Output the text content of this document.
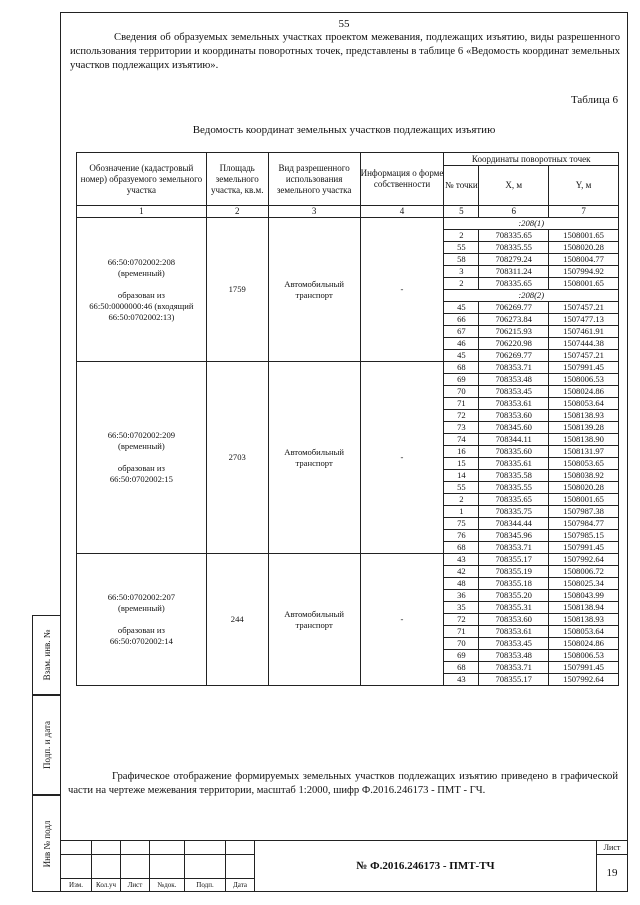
Взам. инв. №
Подп. и дата
Инв № подл
55
Сведения об образуемых земельных участках проектом межевания, подлежащих изъятию, виды разрешенного использования территории и координаты поворотных точек, представлены в таблице 6 «Ведомость координат земельных участков подлежащих изъятию».
Таблица 6
Ведомость координат земельных участков подлежащих изъятию
Обозначение (кадастровый номер) образуемого земельного участка	Площадь земельного участка, кв.м.	Вид разрешенного использования земельного участка	Информация о форме собственности	Координаты поворотных точек		
				№ точки	X, м	Y, м
1	2	3	4	5	6	7

66:50:0702002:208 (временный)
образован из 66:50:0000000:46 (входящий 66:50:0702002:13)	1759	Автомобильный транспорт	-	:208(1)		
				2	708335.65	1508001.65
				55	708335.55	1508020.28
				58	708279.24	1508004.77
				3	708311.24	1507994.92
				2	708335.65	1508001.65
				:208(2)		
				45	706269.77	1507457.21
				66	706273.84	1507477.13
				67	706215.93	1507461.91
				46	706220.98	1507444.38
				45	706269.77	1507457.21

66:50:0702002:209 (временный)
образован из 66:50:0702002:15	2703	Автомобильный транспорт	-	68	708353.71	1507991.45
				69	708353.48	1508006.53
				70	708353.45	1508024.86
				71	708353.61	1508053.64
				72	708353.60	1508138.93
				73	708345.60	1508139.28
				74	708344.11	1508138.90
				16	708335.60	1508131.97
				15	708335.61	1508053.65
				14	708335.58	1508038.92
				55	708335.55	1508020.28
				2	708335.65	1508001.65
				1	708335.75	1507987.38
				75	708344.44	1507984.77
				76	708345.96	1507985.15
				68	708353.71	1507991.45

66:50:0702002:207 (временный)
образован из 66:50:0702002:14	244	Автомобильный транспорт	-	43	708355.17	1507992.64
				42	708355.19	1508006.72
				48	708355.18	1508025.34
				36	708355.20	1508043.99
				35	708355.31	1508138.94
				72	708353.60	1508138.93
				71	708353.61	1508053.64
				70	708353.45	1508024.86
				69	708353.48	1508006.53
				68	708353.71	1507991.45
				43	708355.17	1507992.64
Графическое отображение формируемых земельных участков подлежащих изъятию приведено в графической части на чертеже межевания территории, масштаб 1:2000, шифр Ф.2016.246173 - ПМТ - ГЧ.
						№ Ф.2016.246173 - ПМТ-ТЧ	Лист
							19
Изм.	Кол.уч	Лист	№док.	Подп.	Дата		
